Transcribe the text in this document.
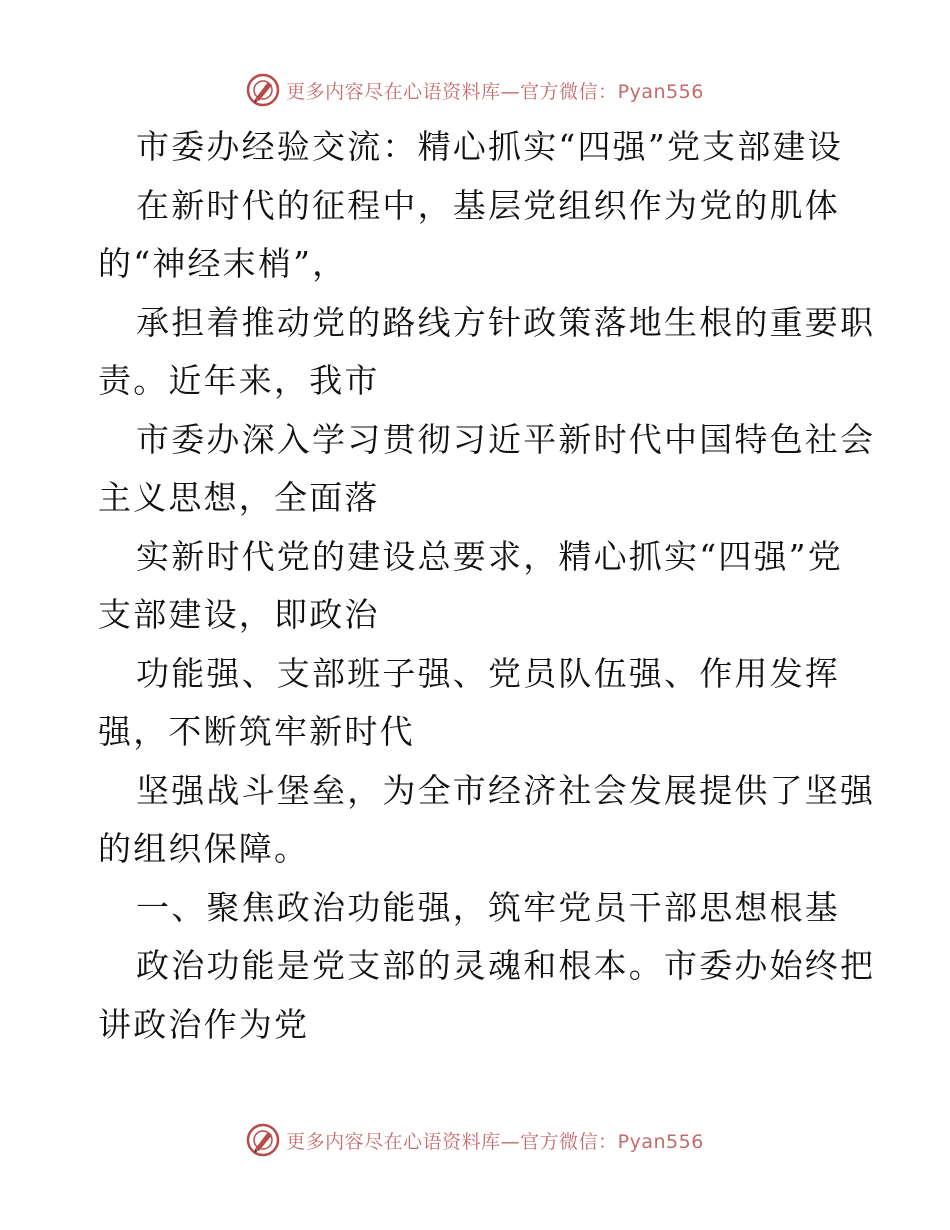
更多内容尽在心语资料库—官方微信：Pyan556
市委办经验交流：精心抓实“四强”党支部建设
在新时代的征程中，基层党组织作为党的肌体
的“神经末梢”，
承担着推动党的路线方针政策落地生根的重要职
责。近年来，我市
市委办深入学习贯彻习近平新时代中国特色社会
主义思想，全面落
实新时代党的建设总要求，精心抓实“四强”党
支部建设，即政治
功能强、支部班子强、党员队伍强、作用发挥
强，不断筑牢新时代
坚强战斗堡垒，为全市经济社会发展提供了坚强
的组织保障。
一、聚焦政治功能强，筑牢党员干部思想根基
政治功能是党支部的灵魂和根本。市委办始终把
讲政治作为党
更多内容尽在心语资料库—官方微信：Pyan556
